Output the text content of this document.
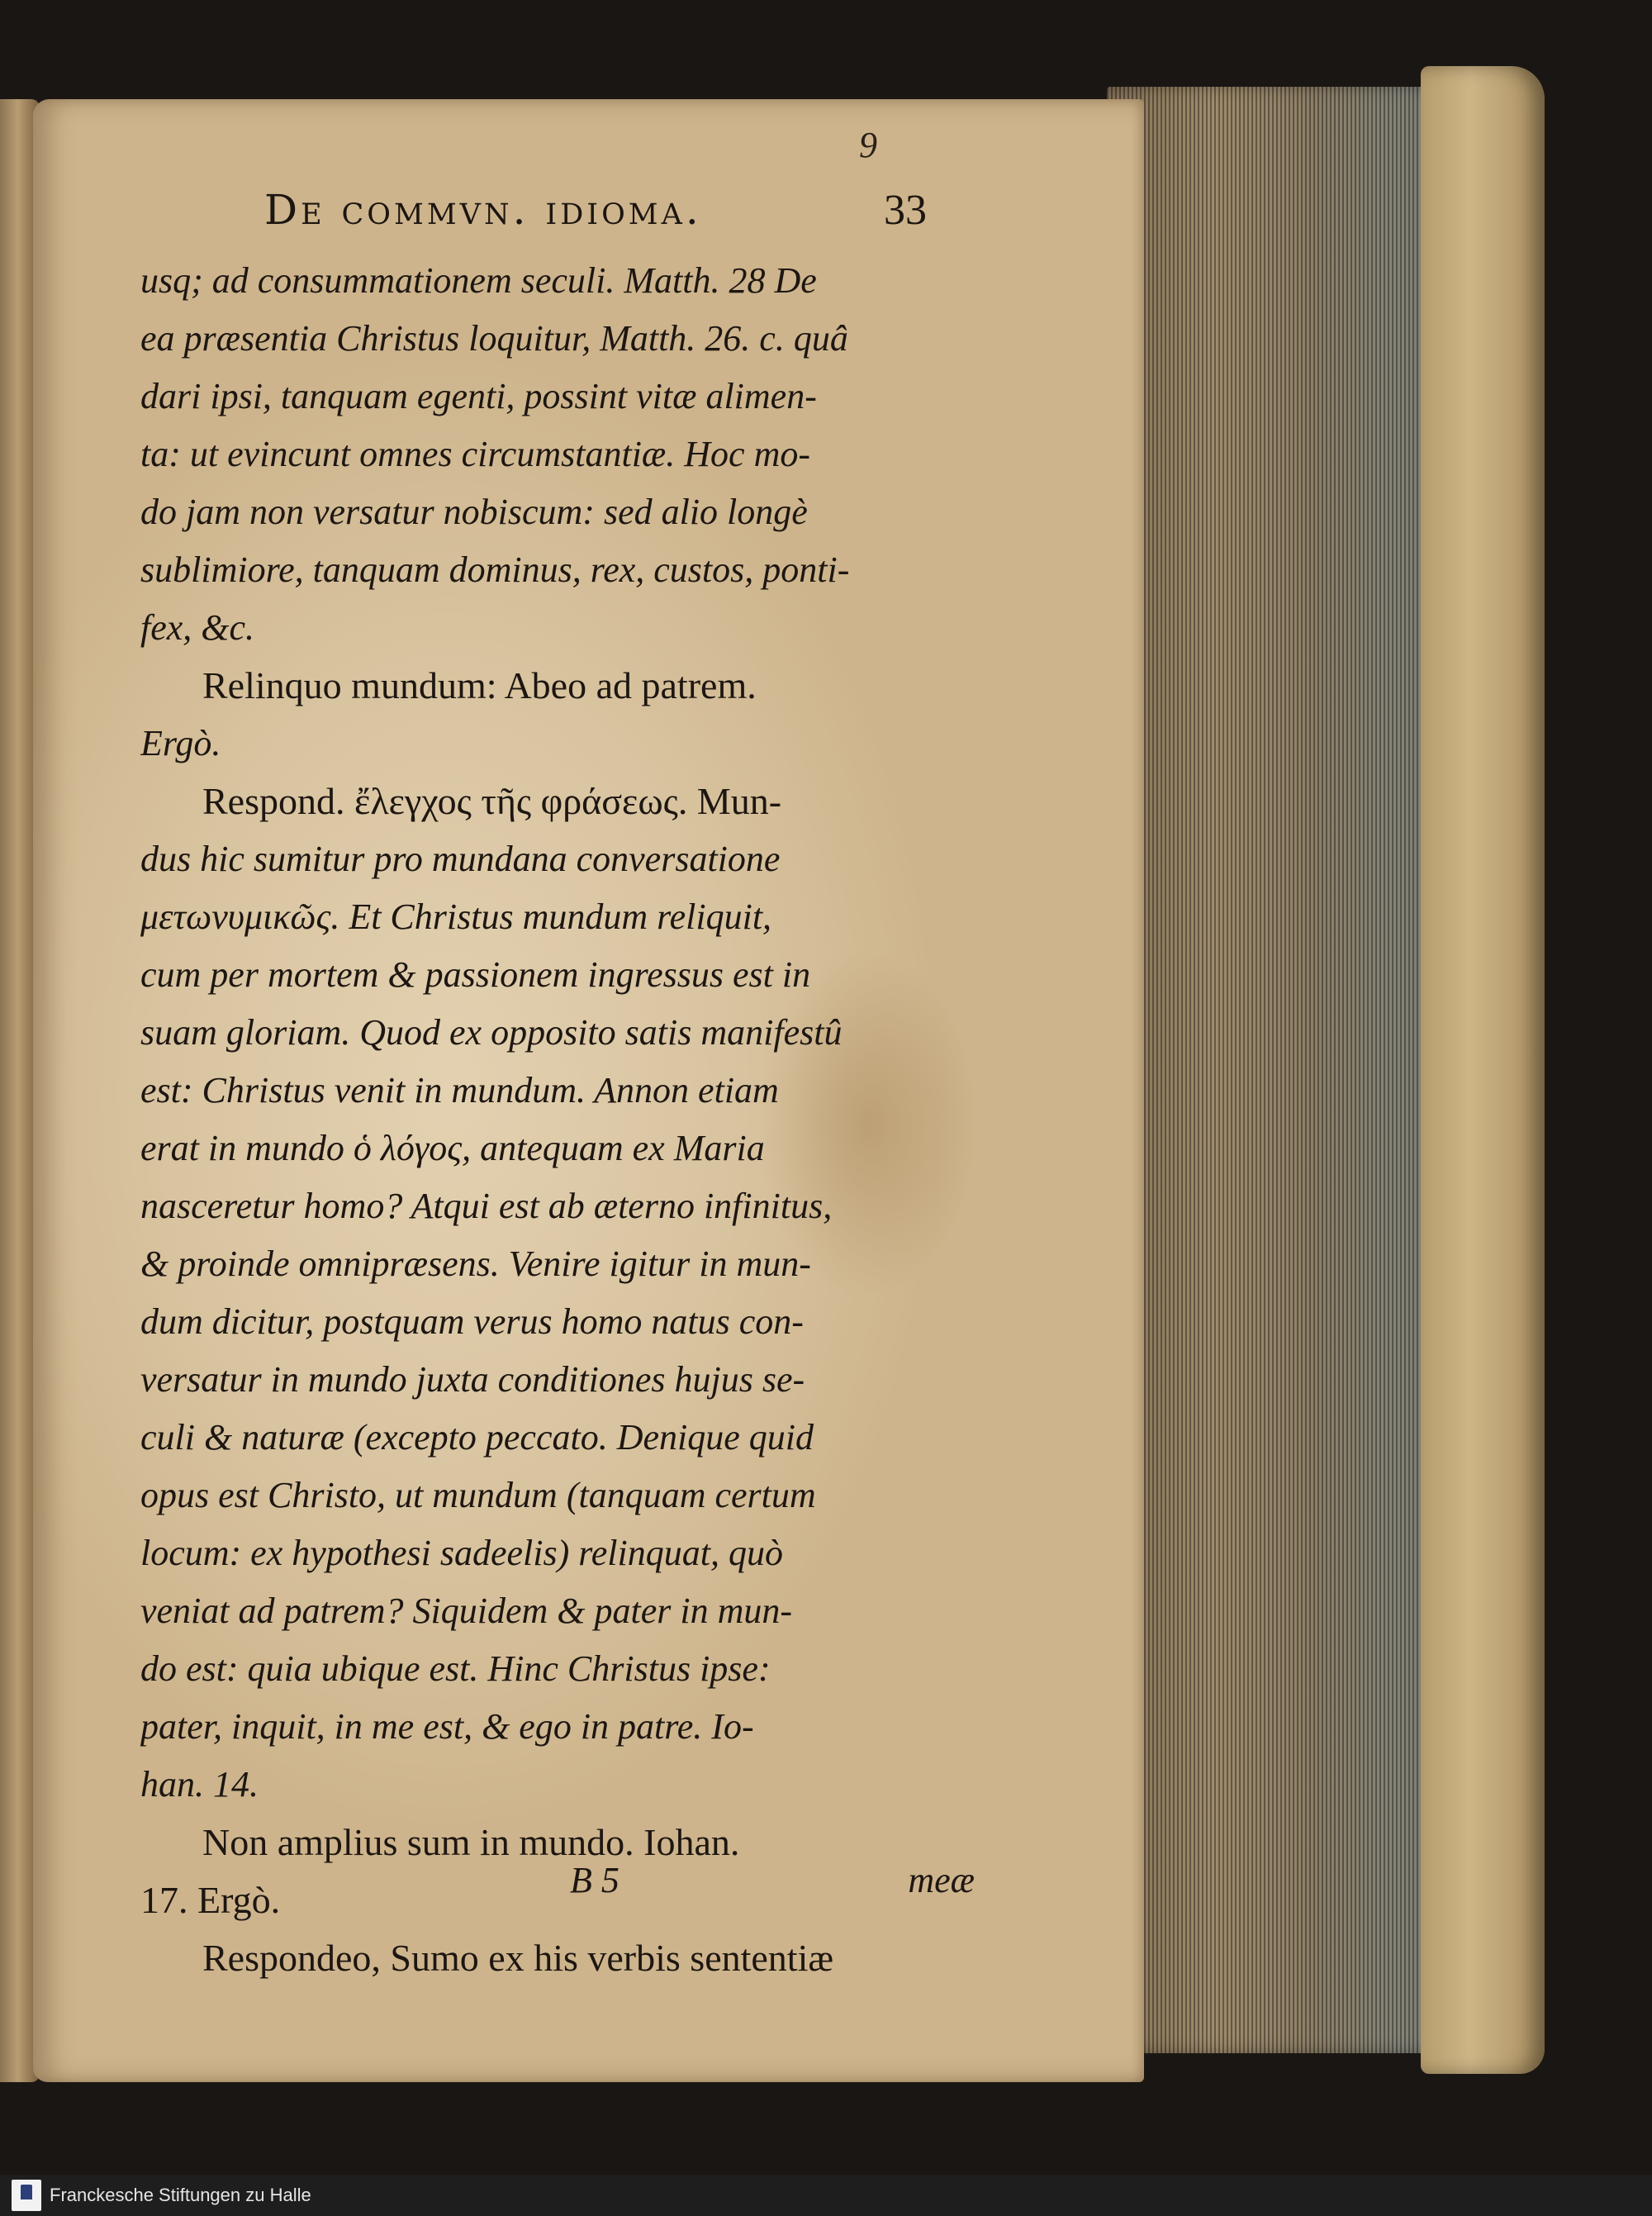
9
De commvn. idioma.	33
usq; ad consummationem seculi. Matth. 28 De
ea præsentia Christus loquitur, Matth. 26. c. quâ
dari ipsi, tanquam egenti, possint vitæ alimen-
ta: ut evincunt omnes circumstantiæ. Hoc mo-
do jam non versatur nobiscum: sed alio longè
sublimiore, tanquam dominus, rex, custos, ponti-
fex, &c.
Relinquo mundum: Abeo ad patrem.
Ergò.
Respond. ἔλεγχος τῆς φράσεως. Mun-
dus hic sumitur pro mundana conversatione
μετωνυμικῶς. Et Christus mundum reliquit,
cum per mortem & passionem ingressus est in
suam gloriam. Quod ex opposito satis manifestû
est: Christus venit in mundum. Annon etiam
erat in mundo ὁ λόγος, antequam ex Maria
nasceretur homo? Atqui est ab æterno infinitus,
& proinde omnipræsens. Venire igitur in mun-
dum dicitur, postquam verus homo natus con-
versatur in mundo juxta conditiones hujus se-
culi & naturæ (excepto peccato. Denique quid
opus est Christo, ut mundum (tanquam certum
locum: ex hypothesi sadeelis) relinquat, quò
veniat ad patrem? Siquidem & pater in mun-
do est: quia ubique est. Hinc Christus ipse:
pater, inquit, in me est, & ego in patre. Io-
han. 14.
Non amplius sum in mundo. Iohan.
17. Ergò.
Respondeo, Sumo ex his verbis sententiæ
B 5	meæ
Franckesche Stiftungen zu Halle
